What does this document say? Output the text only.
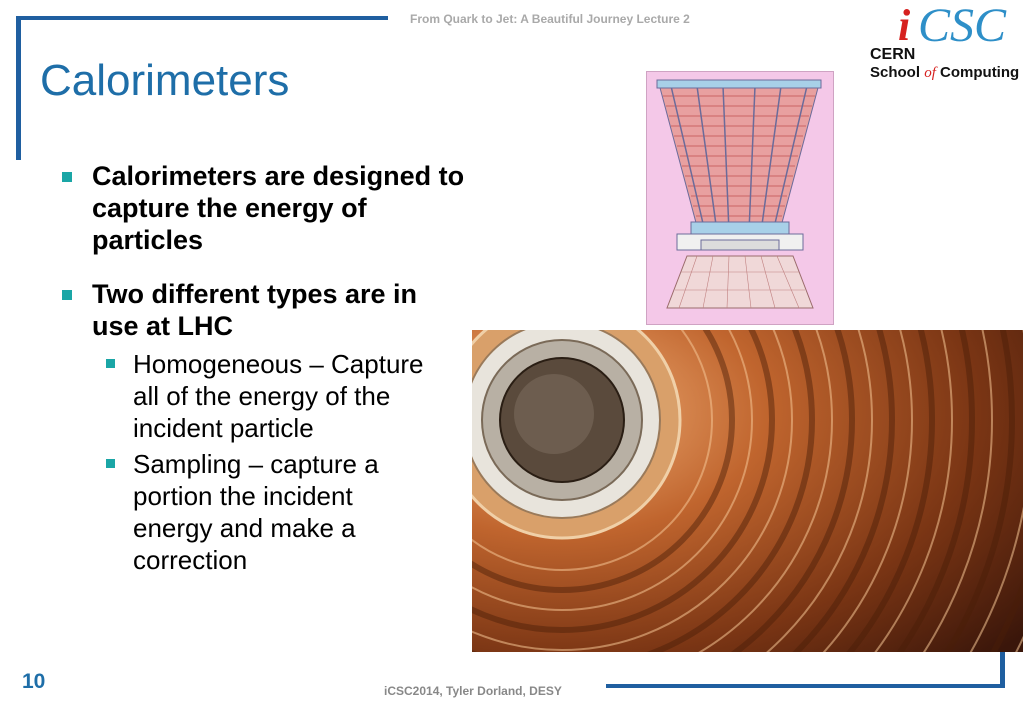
From Quark to Jet: A Beautiful Journey Lecture 2
Calorimeters
i CSC
CERN
School of Computing
Calorimeters are designed to capture the energy of particles
Two different types are in use at LHC
Homogeneous – Capture all of the energy of the incident particle
Sampling – capture a portion the incident energy and make a correction
10	iCSC2014, Tyler Dorland, DESY
